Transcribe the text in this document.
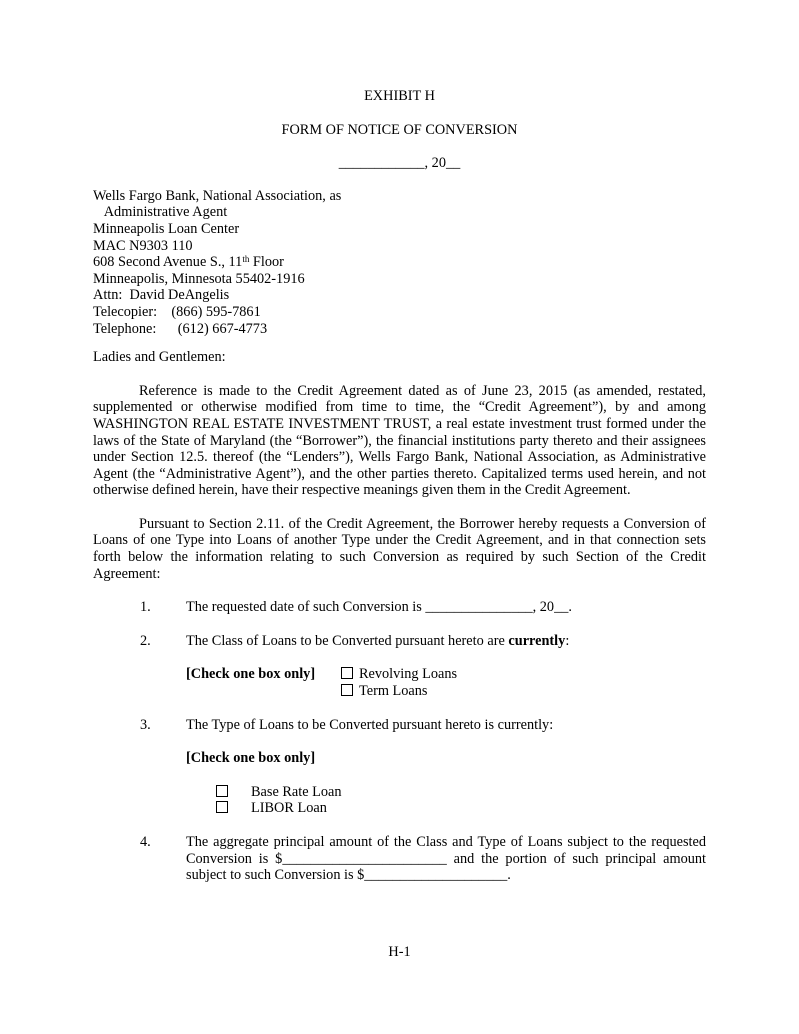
EXHIBIT H
FORM OF NOTICE OF CONVERSION
____________, 20__
Wells Fargo Bank, National Association, as
Administrative Agent
Minneapolis Loan Center
MAC N9303 110
608 Second Avenue S., 11th Floor
Minneapolis, Minnesota 55402-1916
Attn:  David DeAngelis
Telecopier:    (866) 595-7861
Telephone:      (612) 667-4773
Ladies and Gentlemen:
Reference is made to the Credit Agreement dated as of June 23, 2015 (as amended, restated, supplemented or otherwise modified from time to time, the “Credit Agreement”), by and among WASHINGTON REAL ESTATE INVESTMENT TRUST, a real estate investment trust formed under the laws of the State of Maryland (the “Borrower”), the financial institutions party thereto and their assignees under Section 12.5. thereof (the “Lenders”), Wells Fargo Bank, National Association, as Administrative Agent (the “Administrative Agent”), and the other parties thereto. Capitalized terms used herein, and not otherwise defined herein, have their respective meanings given them in the Credit Agreement.
Pursuant to Section 2.11. of the Credit Agreement, the Borrower hereby requests a Conversion of Loans of one Type into Loans of another Type under the Credit Agreement, and in that connection sets forth below the information relating to such Conversion as required by such Section of the Credit Agreement:
1. The requested date of such Conversion is _______________, 20__.
2. The Class of Loans to be Converted pursuant hereto are currently:
[Check one box only]	Revolving Loans
Term Loans
3. The Type of Loans to be Converted pursuant hereto is currently:
[Check one box only]
Base Rate Loan
LIBOR Loan
4. The aggregate principal amount of the Class and Type of Loans subject to the requested Conversion is $_______________________ and the portion of such principal amount subject to such Conversion is $____________________.
H-1
